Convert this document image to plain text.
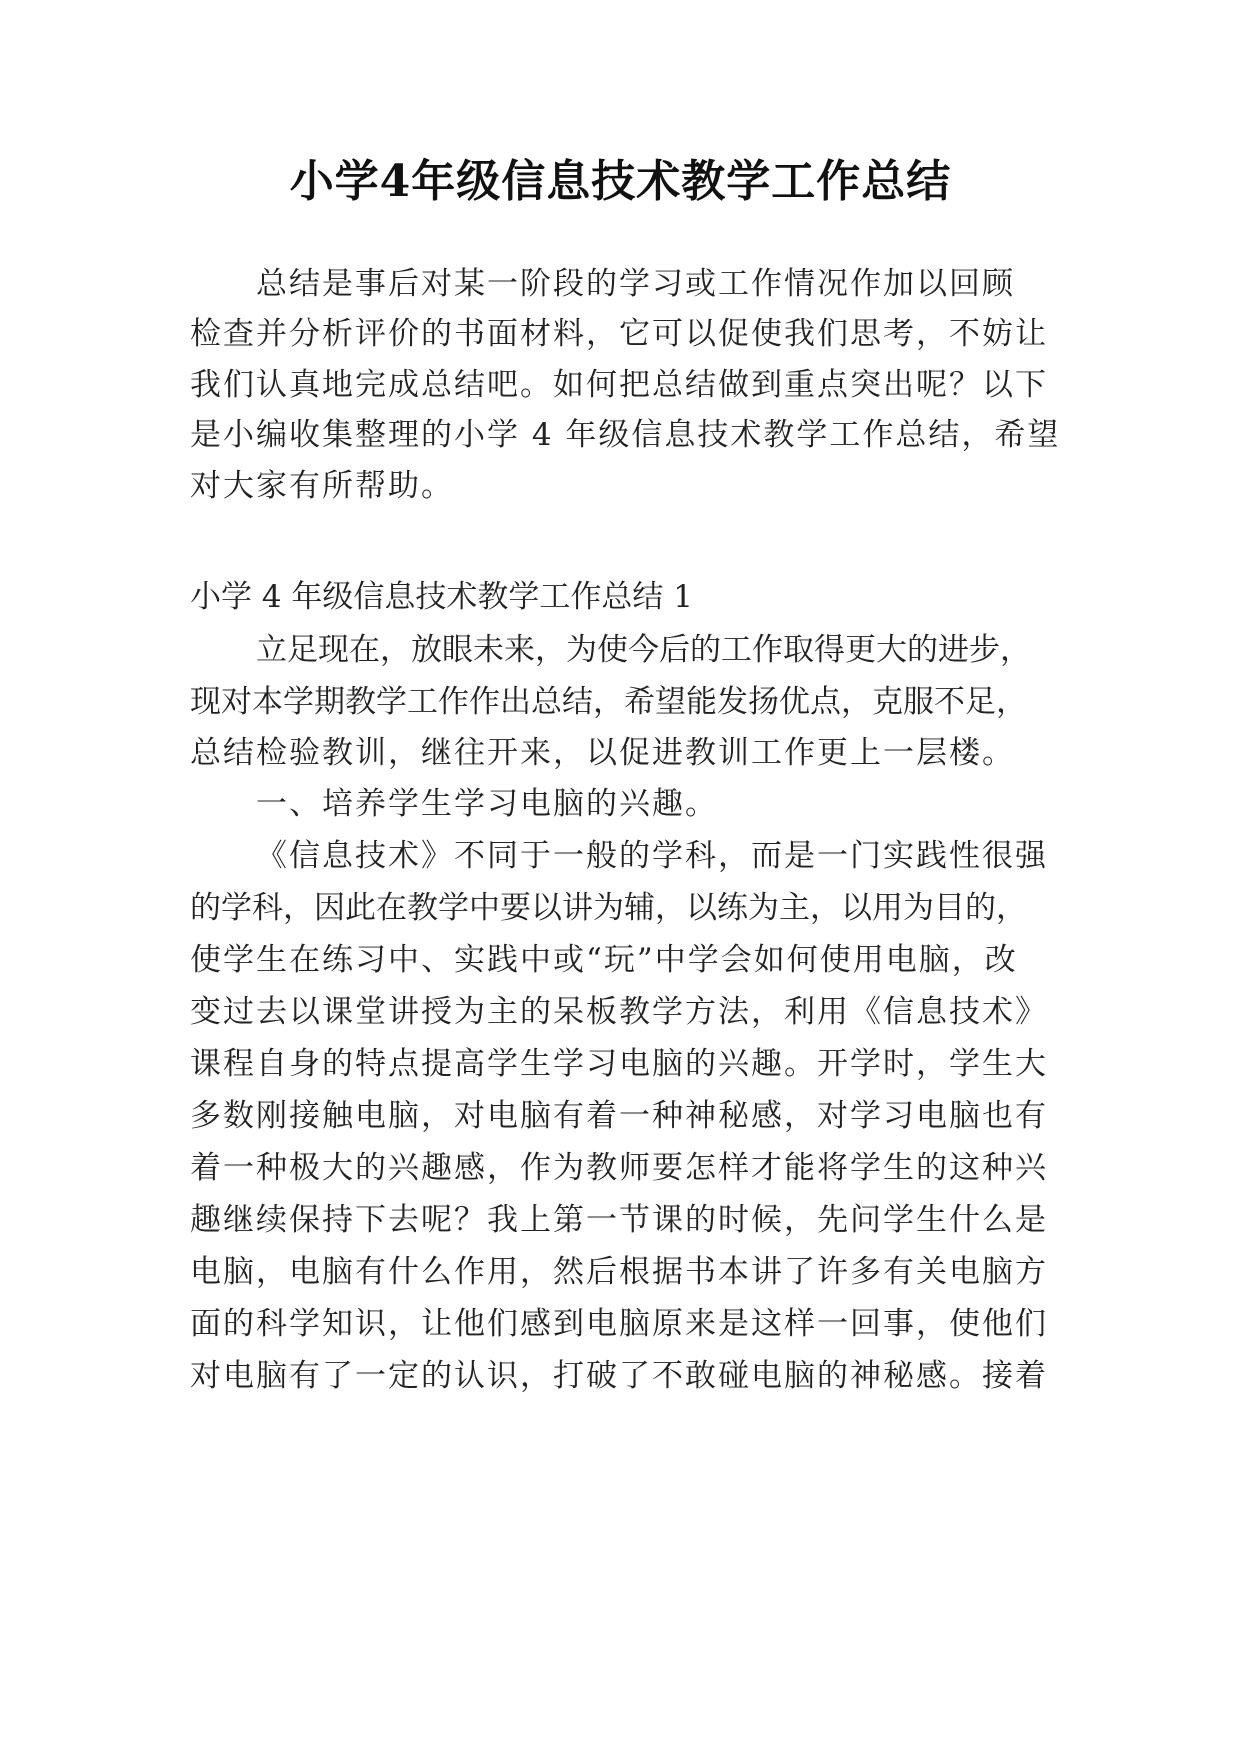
小学4年级信息技术教学工作总结
总结是事后对某一阶段的学习或工作情况作加以回顾
检查并分析评价的书面材料，它可以促使我们思考，不妨让
我们认真地完成总结吧。如何把总结做到重点突出呢？以下
是小编收集整理的小学 4 年级信息技术教学工作总结，希望
对大家有所帮助。
小学 4 年级信息技术教学工作总结 1
立足现在，放眼未来，为使今后的工作取得更大的进步，
现对本学期教学工作作出总结，希望能发扬优点，克服不足，
总结检验教训，继往开来，以促进教训工作更上一层楼。
一、培养学生学习电脑的兴趣。
《信息技术》不同于一般的学科，而是一门实践性很强
的学科，因此在教学中要以讲为辅，以练为主，以用为目的，
使学生在练习中、实践中或“玩”中学会如何使用电脑，改
变过去以课堂讲授为主的呆板教学方法，利用《信息技术》
课程自身的特点提高学生学习电脑的兴趣。开学时，学生大
多数刚接触电脑，对电脑有着一种神秘感，对学习电脑也有
着一种极大的兴趣感，作为教师要怎样才能将学生的这种兴
趣继续保持下去呢？我上第一节课的时候，先问学生什么是
电脑，电脑有什么作用，然后根据书本讲了许多有关电脑方
面的科学知识，让他们感到电脑原来是这样一回事，使他们
对电脑有了一定的认识，打破了不敢碰电脑的神秘感。接着
